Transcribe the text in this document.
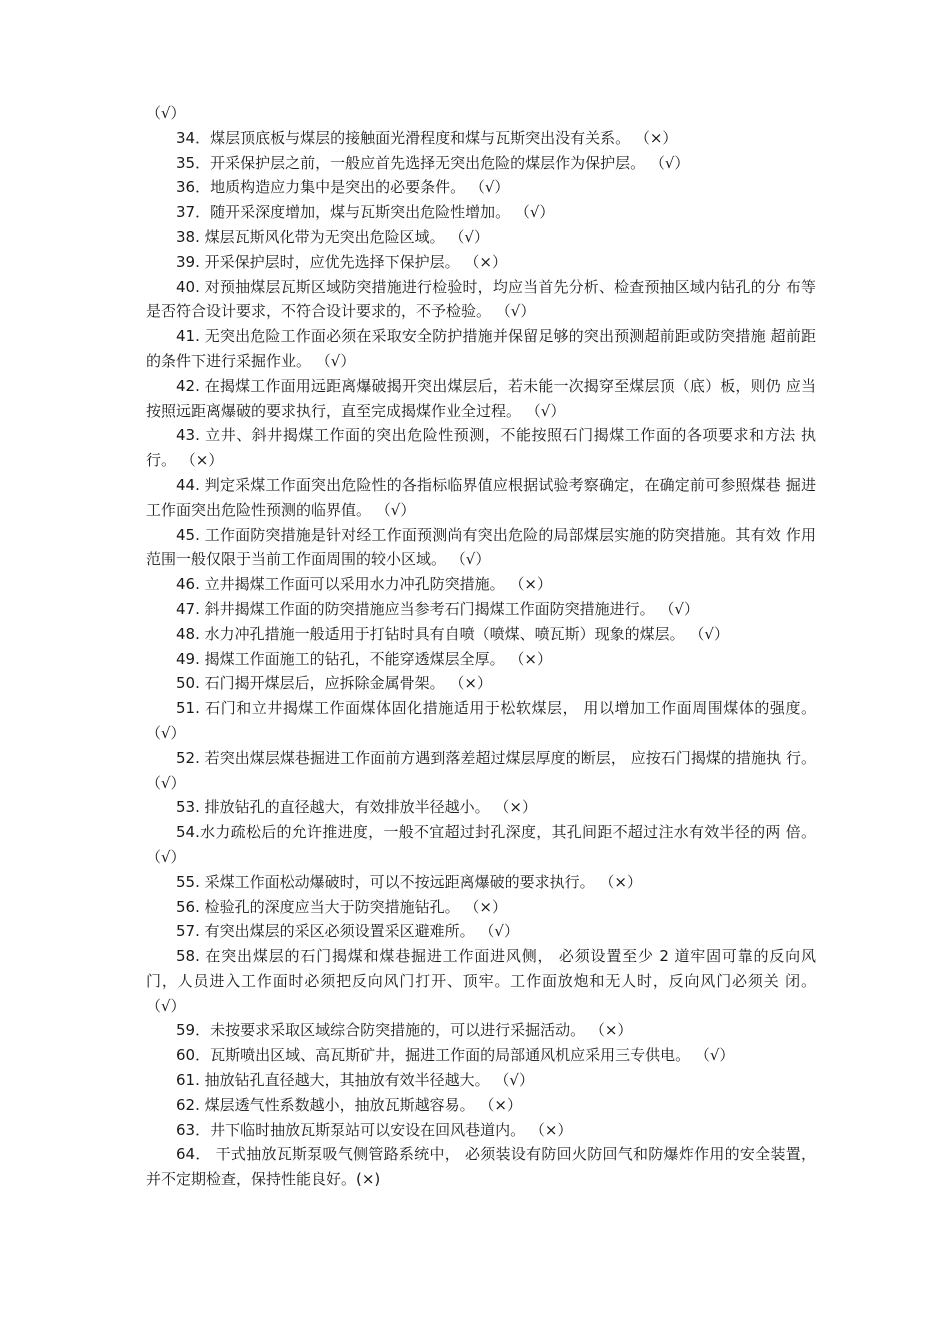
（√）

34．煤层顶底板与煤层的接触面光滑程度和煤与瓦斯突出没有关系。 （×）

35．开采保护层之前，一般应首先选择无突出危险的煤层作为保护层。 （√）

36．地质构造应力集中是突出的必要条件。 （√）

37．随开采深度增加，煤与瓦斯突出危险性增加。 （√）

38. 煤层瓦斯风化带为无突出危险区域。 （√）

39. 开采保护层时，应优先选择下保护层。 （×）

40. 对预抽煤层瓦斯区域防突措施进行检验时，均应当首先分析、检查预抽区域内钻孔的分 布等是否符合设计要求，不符合设计要求的，不予检验。 （√）

41. 无突出危险工作面必须在采取安全防护措施并保留足够的突出预测超前距或防突措施 超前距的条件下进行采掘作业。 （√）

42. 在揭煤工作面用远距离爆破揭开突出煤层后，若未能一次揭穿至煤层顶（底）板，则仍 应当按照远距离爆破的要求执行，直至完成揭煤作业全过程。 （√）

43. 立井、斜井揭煤工作面的突出危险性预测，不能按照石门揭煤工作面的各项要求和方法 执行。 （×）

44. 判定采煤工作面突出危险性的各指标临界值应根据试验考察确定，在确定前可参照煤巷 掘进工作面突出危险性预测的临界值。 （√）

45. 工作面防突措施是针对经工作面预测尚有突出危险的局部煤层实施的防突措施。其有效 作用范围一般仅限于当前工作面周围的较小区域。 （√）

46. 立井揭煤工作面可以采用水力冲孔防突措施。 （×）

47. 斜井揭煤工作面的防突措施应当参考石门揭煤工作面防突措施进行。 （√）

48. 水力冲孔措施一般适用于打钻时具有自喷（喷煤、喷瓦斯）现象的煤层。 （√）

49. 揭煤工作面施工的钻孔，不能穿透煤层全厚。 （×）

50. 石门揭开煤层后，应拆除金属骨架。 （×）

51. 石门和立井揭煤工作面煤体固化措施适用于松软煤层， 用以增加工作面周围煤体的强度。 （√）

52. 若突出煤层煤巷掘进工作面前方遇到落差超过煤层厚度的断层， 应按石门揭煤的措施执 行。 （√）

53. 排放钻孔的直径越大，有效排放半径越小。 （×）

54.水力疏松后的允许推进度，一般不宜超过封孔深度，其孔间距不超过注水有效半径的两 倍。 （√）

55. 采煤工作面松动爆破时，可以不按远距离爆破的要求执行。 （×）

56. 检验孔的深度应当大于防突措施钻孔。 （×）

57. 有突出煤层的采区必须设置采区避难所。 （√）

58. 在突出煤层的石门揭煤和煤巷掘进工作面进风侧， 必须设置至少 2 道牢固可靠的反向风 门，人员进入工作面时必须把反向风门打开、顶牢。工作面放炮和无人时，反向风门必须关 闭。 （√）

59．未按要求采取区域综合防突措施的，可以进行采掘活动。 （×）

60．瓦斯喷出区域、高瓦斯矿井，掘进工作面的局部通风机应采用三专供电。 （√）

61. 抽放钻孔直径越大，其抽放有效半径越大。 （√）

62. 煤层透气性系数越小，抽放瓦斯越容易。 （×）

63．井下临时抽放瓦斯泵站可以安设在回风巷道内。 （×）

64． 干式抽放瓦斯泵吸气侧管路系统中， 必须装设有防回火防回气和防爆炸作用的安全装置， 并不定期检查，保持性能良好。(×)
